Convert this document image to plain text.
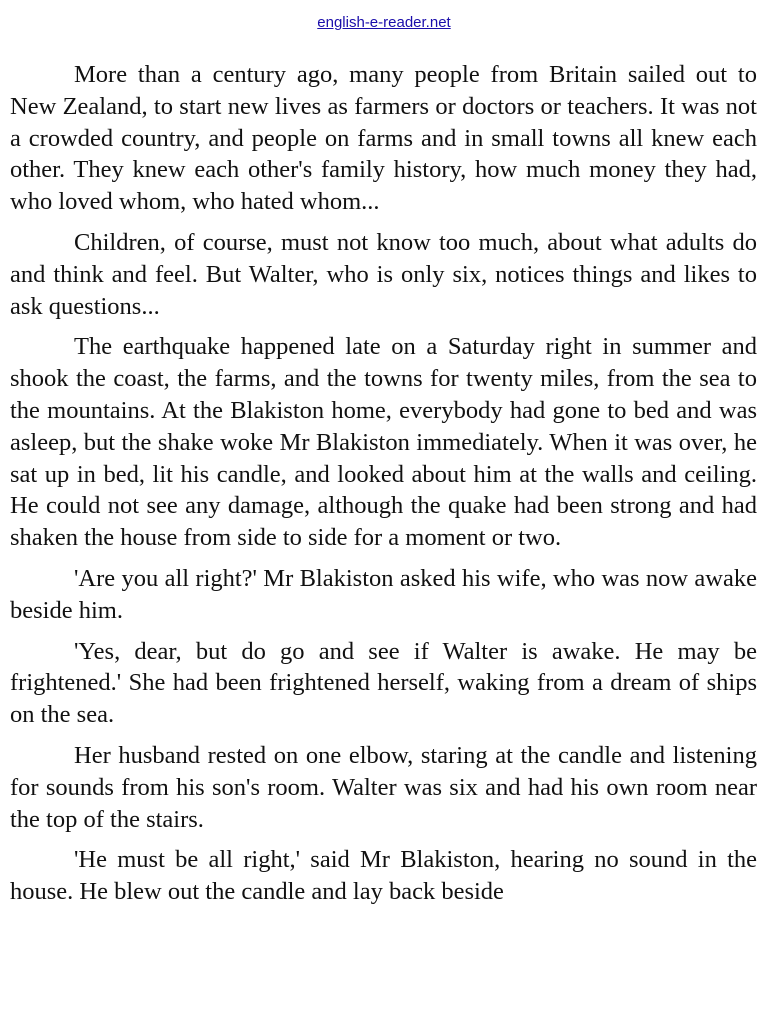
english-e-reader.net

More than a century ago, many people from Britain sailed out to New Zealand, to start new lives as farmers or doctors or teachers. It was not a crowded country, and people on farms and in small towns all knew each other. They knew each other's family history, how much money they had, who loved whom, who hated whom...

Children, of course, must not know too much, about what adults do and think and feel. But Walter, who is only six, notices things and likes to ask questions...

The earthquake happened late on a Saturday right in summer and shook the coast, the farms, and the towns for twenty miles, from the sea to the mountains. At the Blakiston home, everybody had gone to bed and was asleep, but the shake woke Mr Blakiston immediately. When it was over, he sat up in bed, lit his candle, and looked about him at the walls and ceiling. He could not see any damage, although the quake had been strong and had shaken the house from side to side for a moment or two.

'Are you all right?' Mr Blakiston asked his wife, who was now awake beside him.

'Yes, dear, but do go and see if Walter is awake. He may be frightened.' She had been frightened herself, waking from a dream of ships on the sea.

Her husband rested on one elbow, staring at the candle and listening for sounds from his son's room. Walter was six and had his own room near the top of the stairs.

'He must be all right,' said Mr Blakiston, hearing no sound in the house. He blew out the candle and lay back beside
